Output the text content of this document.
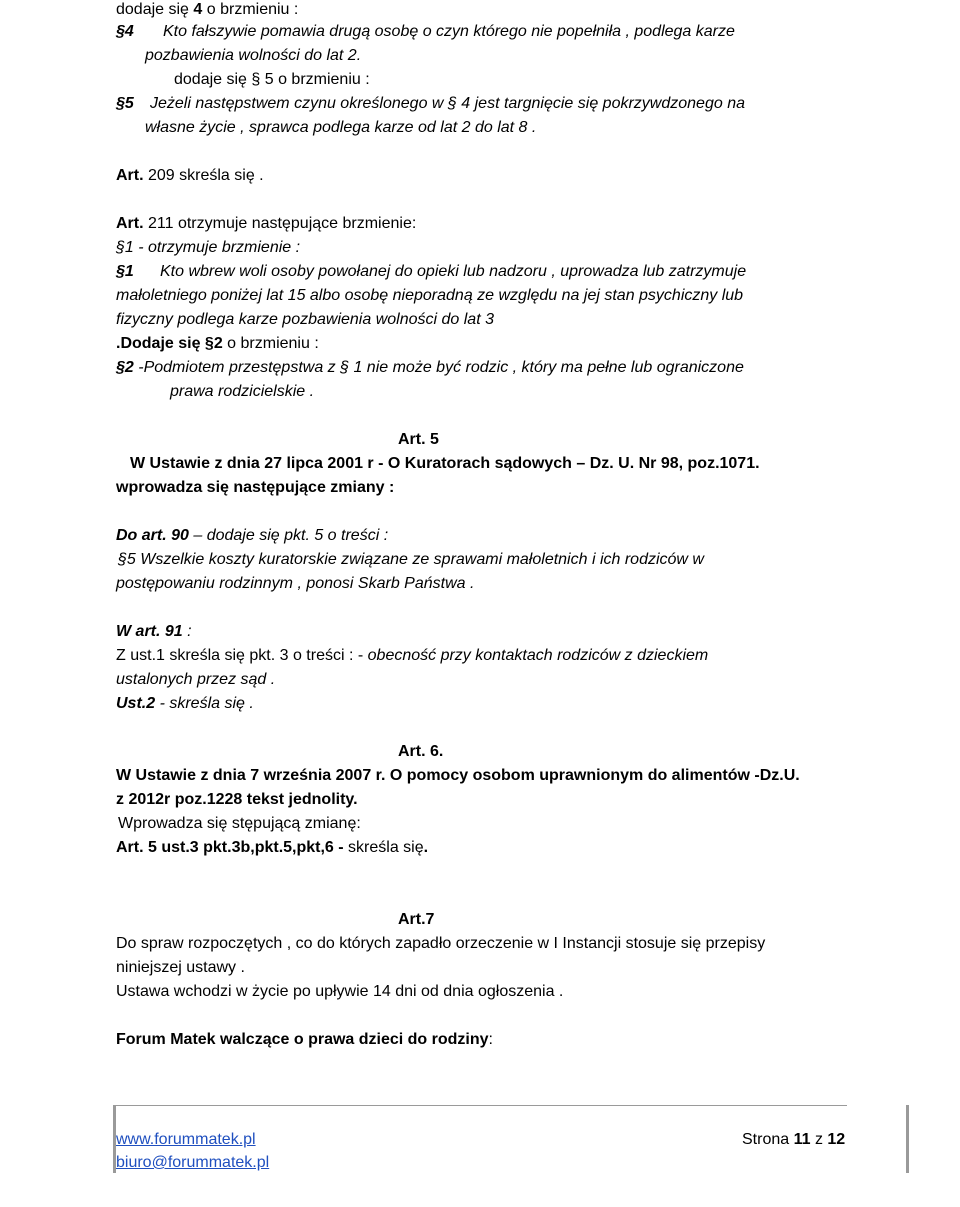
dodaje się 4 o brzmieniu :
§4 Kto fałszywie pomawia drugą osobę o czyn którego nie popełniła , podlega karze
pozbawienia wolności do lat 2.
dodaje się § 5 o brzmieniu :
§5 Jeżeli następstwem czynu określonego w § 4 jest targnięcie się pokrzywdzonego na
własne życie , sprawca podlega karze od lat 2 do lat 8 .
Art. 209 skreśla się .
Art. 211 otrzymuje następujące brzmienie:
§1 - otrzymuje brzmienie :
§1 Kto wbrew woli osoby powołanej do opieki lub nadzoru , uprowadza lub zatrzymuje
małoletniego poniżej lat 15 albo osobę nieporadną ze względu na jej stan psychiczny lub
fizyczny podlega karze pozbawienia wolności do lat 3
.Dodaje się §2 o brzmieniu :
§2 -Podmiotem przestępstwa z § 1 nie może być rodzic , który ma pełne lub ograniczone
prawa rodzicielskie .
Art. 5
W Ustawie z dnia 27 lipca 2001 r - O Kuratorach sądowych – Dz. U. Nr 98, poz.1071.
wprowadza się następujące zmiany :
Do art. 90 – dodaje się pkt. 5 o treści :
§5 Wszelkie koszty kuratorskie związane ze sprawami małoletnich i ich rodziców w
postępowaniu rodzinnym , ponosi Skarb Państwa .
W art. 91 :
Z ust.1 skreśla się pkt. 3 o treści : - obecność przy kontaktach rodziców z dzieckiem
ustalonych przez sąd .
Ust.2 - skreśla się .
Art. 6.
W Ustawie z dnia 7 września 2007 r. O pomocy osobom uprawnionym do alimentów -Dz.U.
z 2012r poz.1228 tekst jednolity.
Wprowadza się stępującą zmianę:
Art. 5 ust.3 pkt.3b,pkt.5,pkt,6 - skreśla się.
Art.7
Do spraw rozpoczętych , co do których zapadło orzeczenie w I Instancji stosuje się przepisy
niniejszej ustawy .
Ustawa wchodzi w życie po upływie 14 dni od dnia ogłoszenia .
Forum Matek walczące o prawa dzieci do rodziny:
www.forummatek.pl
biuro@forummatek.pl
Strona 11 z 12
